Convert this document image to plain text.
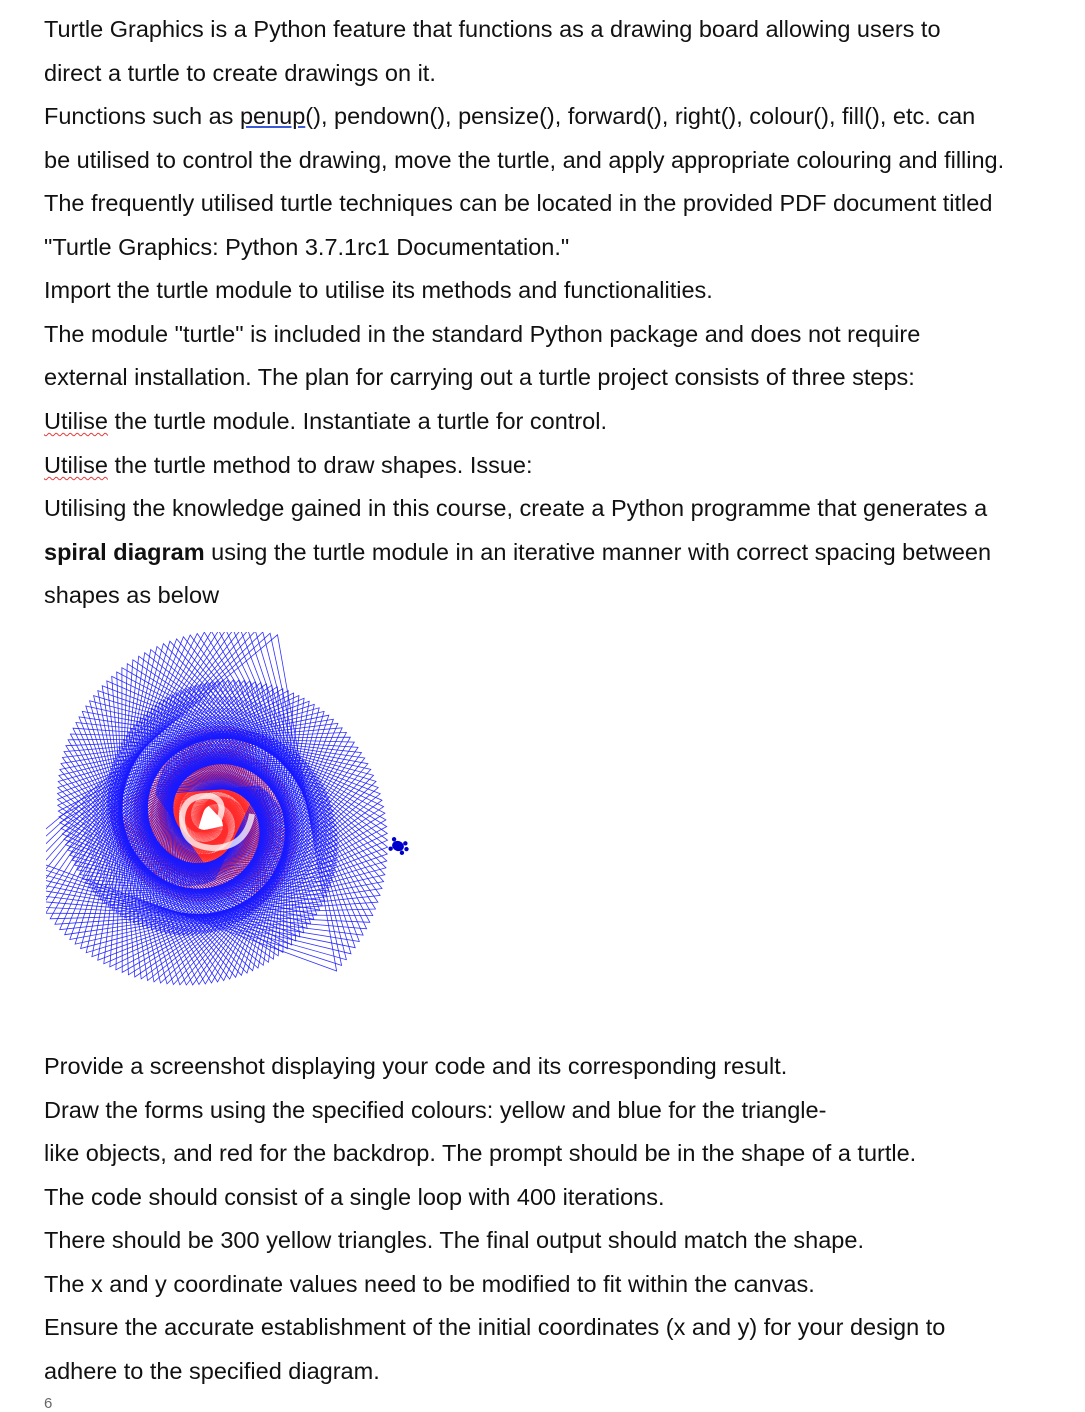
Turtle Graphics is a Python feature that functions as a drawing board allowing users to
direct a turtle to create drawings on it.
Functions such as penup(), pendown(), pensize(), forward(), right(), colour(), fill(), etc. can
be utilised to control the drawing, move the turtle, and apply appropriate colouring and filling.
The frequently utilised turtle techniques can be located in the provided PDF document titled
"Turtle Graphics: Python 3.7.1rc1 Documentation."
Import the turtle module to utilise its methods and functionalities.
The module "turtle" is included in the standard Python package and does not require
external installation. The plan for carrying out a turtle project consists of three steps:
Utilise the turtle module. Instantiate a turtle for control.
Utilise the turtle method to draw shapes. Issue:
Utilising the knowledge gained in this course, create a Python programme that generates a
spiral diagram using the turtle module in an iterative manner with correct spacing between
shapes as below
Provide a screenshot displaying your code and its corresponding result.
Draw the forms using the specified colours: yellow and blue for the triangle-
like objects, and red for the backdrop. The prompt should be in the shape of a turtle.
The code should consist of a single loop with 400 iterations.
There should be 300 yellow triangles. The final output should match the shape.
The x and y coordinate values need to be modified to fit within the canvas.
Ensure the accurate establishment of the initial coordinates (x and y) for your design to
adhere to the specified diagram.
6
